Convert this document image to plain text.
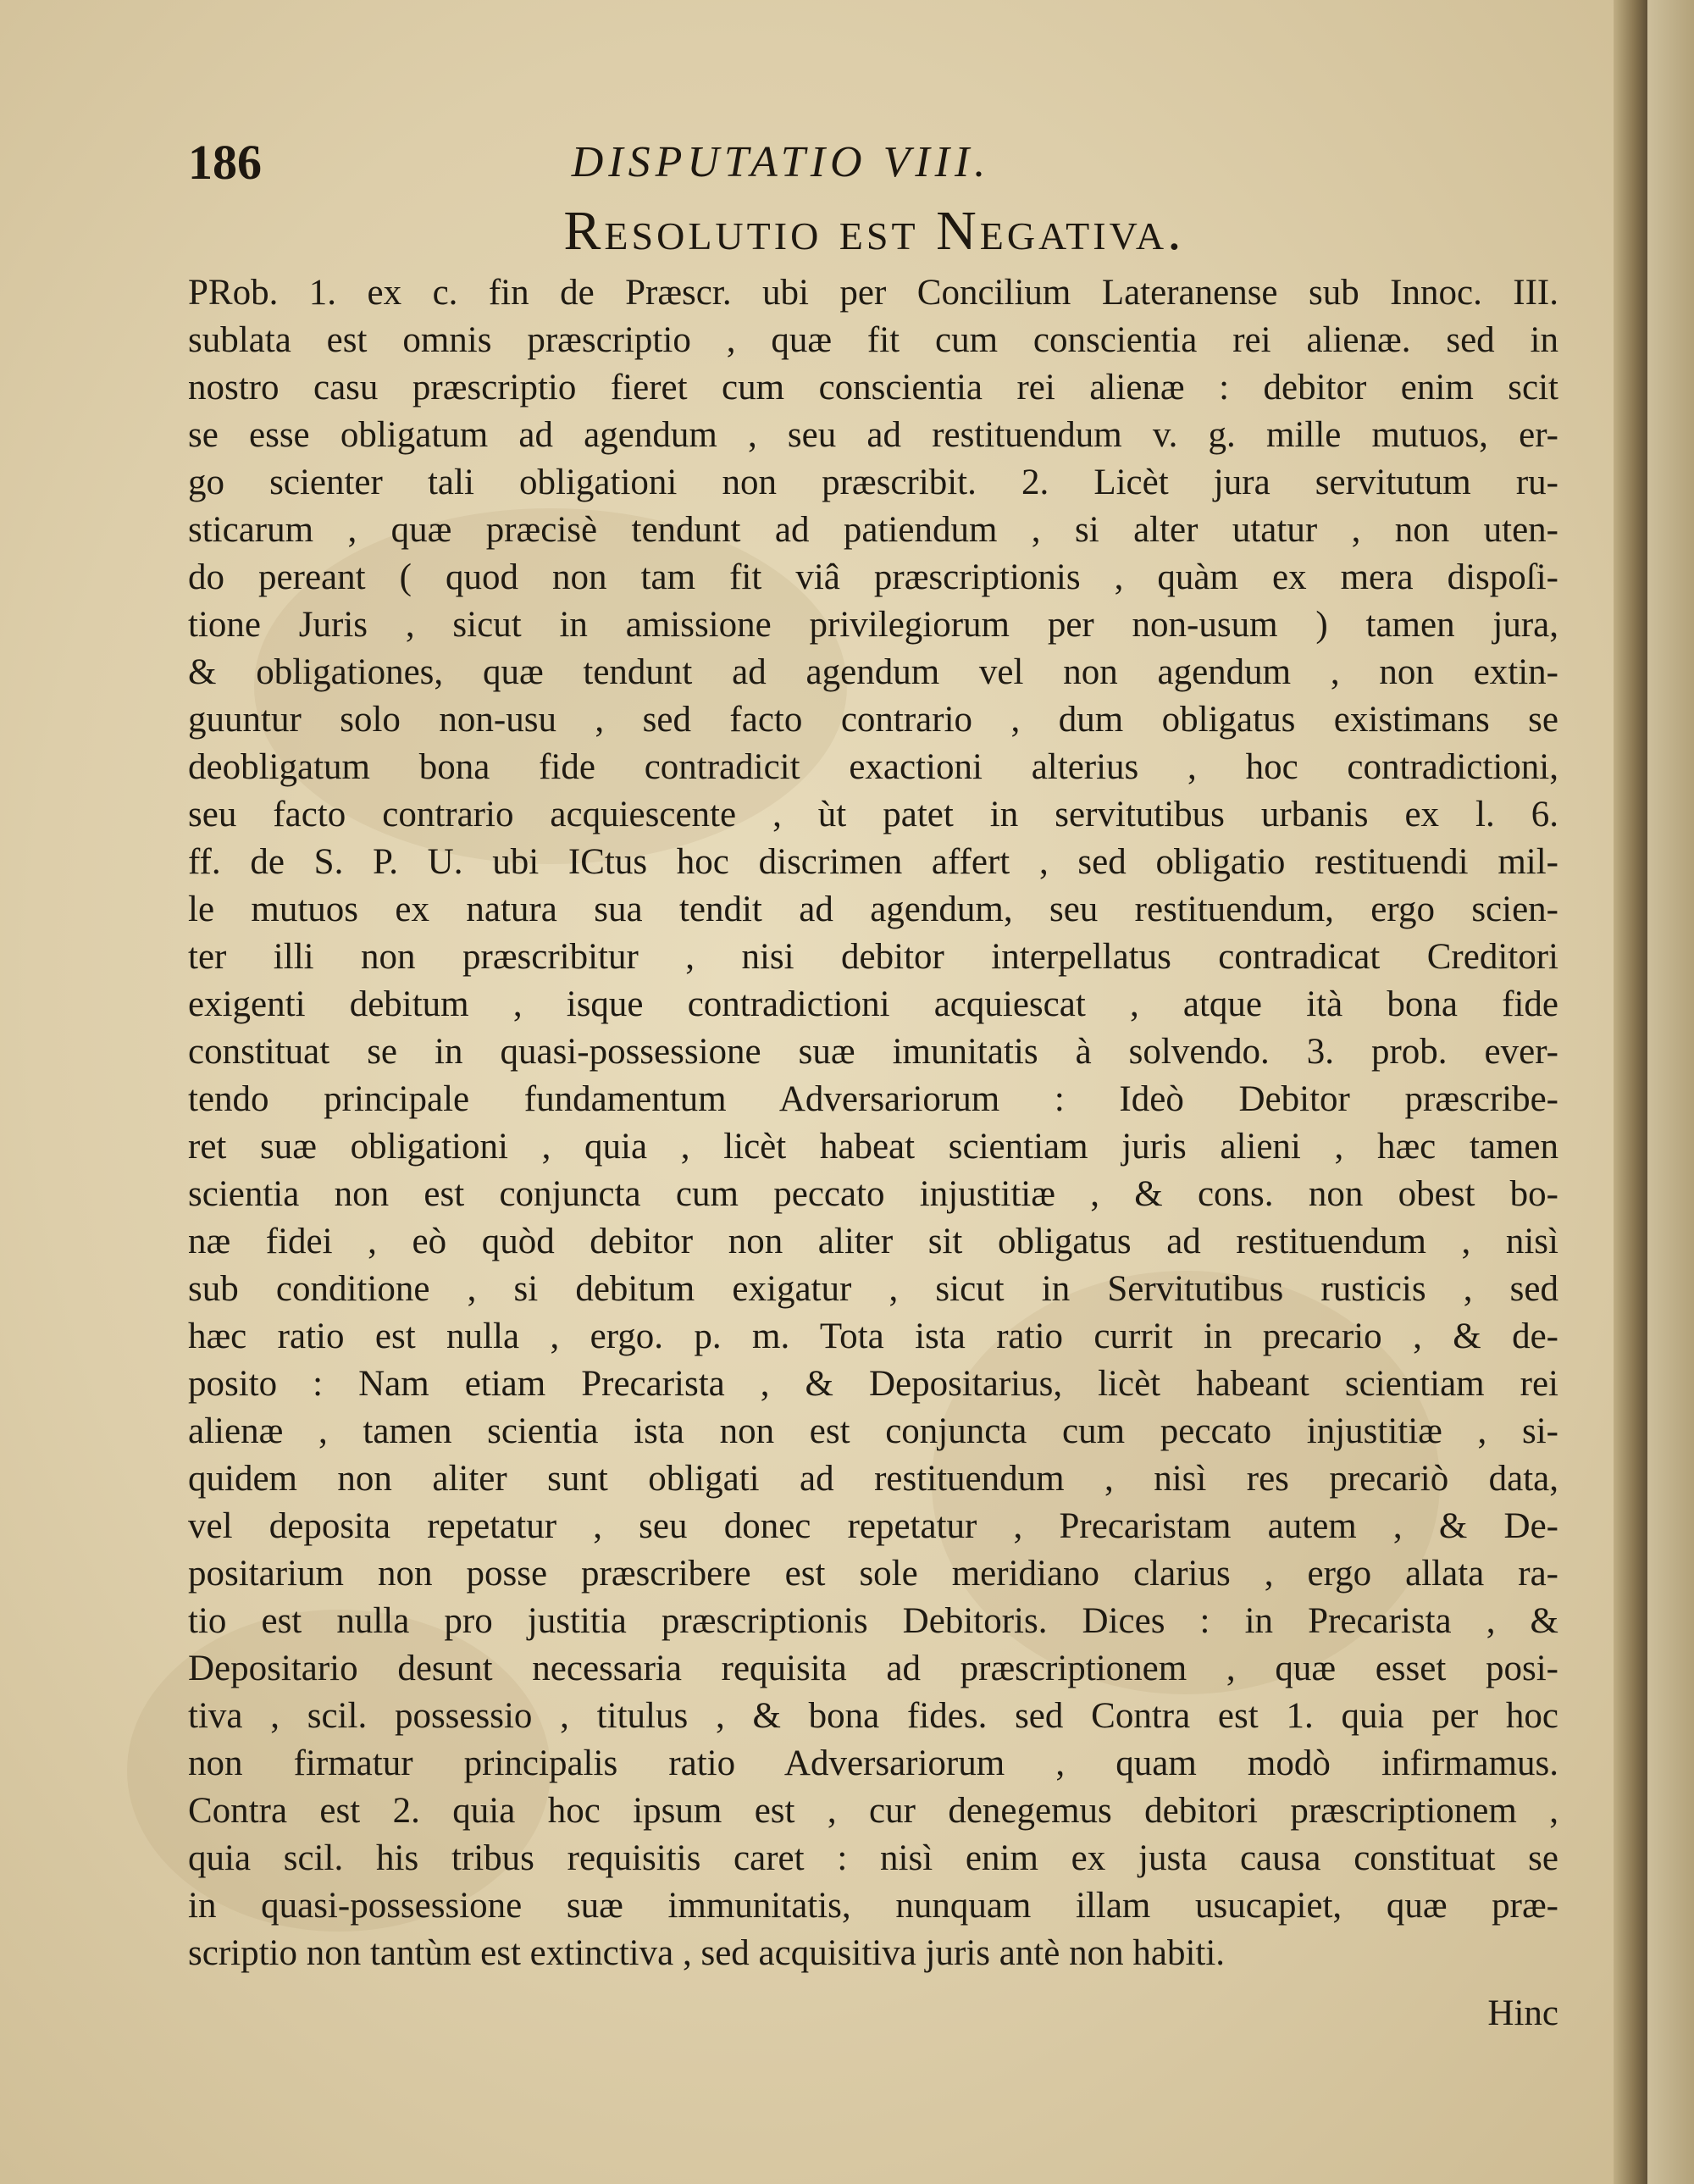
186	DISPUTATIO VIII.
Resolutio est Negativa.
PRob. 1. ex c. fin de Præscr. ubi per Concilium Lateranense sub Innoc. III.
sublata est omnis præscriptio , quæ fit cum conscientia rei alienæ. sed in
nostro casu præscriptio fieret cum conscientia rei alienæ : debitor enim scit
se esse obligatum ad agendum , seu ad restituendum v. g. mille mutuos, er-
go scienter tali obligationi non præscribit. 2. Licèt jura servitutum ru-
sticarum , quæ præcisè tendunt ad patiendum , si alter utatur , non uten-
do pereant ( quod non tam fit viâ præscriptionis , quàm ex mera dispoſi-
tione Juris , sicut in amissione privilegiorum per non-usum ) tamen jura,
& obligationes, quæ tendunt ad agendum vel non agendum , non extin-
guuntur solo non-usu , sed facto contrario , dum obligatus existimans se
deobligatum bona fide contradicit exactioni alterius , hoc contradictioni,
seu facto contrario acquiescente , ùt patet in servitutibus urbanis ex l. 6.
ff. de S. P. U. ubi ICtus hoc discrimen affert , sed obligatio restituendi mil-
le mutuos ex natura sua tendit ad agendum, seu restituendum, ergo scien-
ter illi non præscribitur , nisi debitor interpellatus contradicat Creditori
exigenti debitum , isque contradictioni acquiescat , atque ità bona fide
constituat se in quasi-possessione suæ imunitatis à solvendo. 3. prob. ever-
tendo principale fundamentum Adversariorum : Ideò Debitor præscribe-
ret suæ obligationi , quia , licèt habeat scientiam juris alieni , hæc tamen
scientia non est conjuncta cum peccato injustitiæ , & cons. non obest bo-
næ fidei , eò quòd debitor non aliter sit obligatus ad restituendum , nisì
sub conditione , si debitum exigatur , sicut in Servitutibus rusticis , sed
hæc ratio est nulla , ergo. p. m. Tota ista ratio currit in precario , & de-
posito : Nam etiam Precarista , & Depositarius, licèt habeant scientiam rei
alienæ , tamen scientia ista non est conjuncta cum peccato injustitiæ , si-
quidem non aliter sunt obligati ad restituendum , nisì res precariò data,
vel deposita repetatur , seu donec repetatur , Precaristam autem , & De-
positarium non posse præscribere est sole meridiano clarius , ergo allata ra-
tio est nulla pro justitia præscriptionis Debitoris. Dices : in Precarista , &
Depositario desunt necessaria requisita ad præscriptionem , quæ esset posi-
tiva , scil. possessio , titulus , & bona fides. sed Contra est 1. quia per hoc
non firmatur principalis ratio Adversariorum , quam modò infirmamus.
Contra est 2. quia hoc ipsum est , cur denegemus debitori præscriptionem ,
quia scil. his tribus requisitis caret : nisì enim ex justa causa constituat se
in quasi-possessione suæ immunitatis, nunquam illam usucapiet, quæ præ-
scriptio non tantùm est extinctiva , sed acquisitiva juris antè non habiti.
Hinc
